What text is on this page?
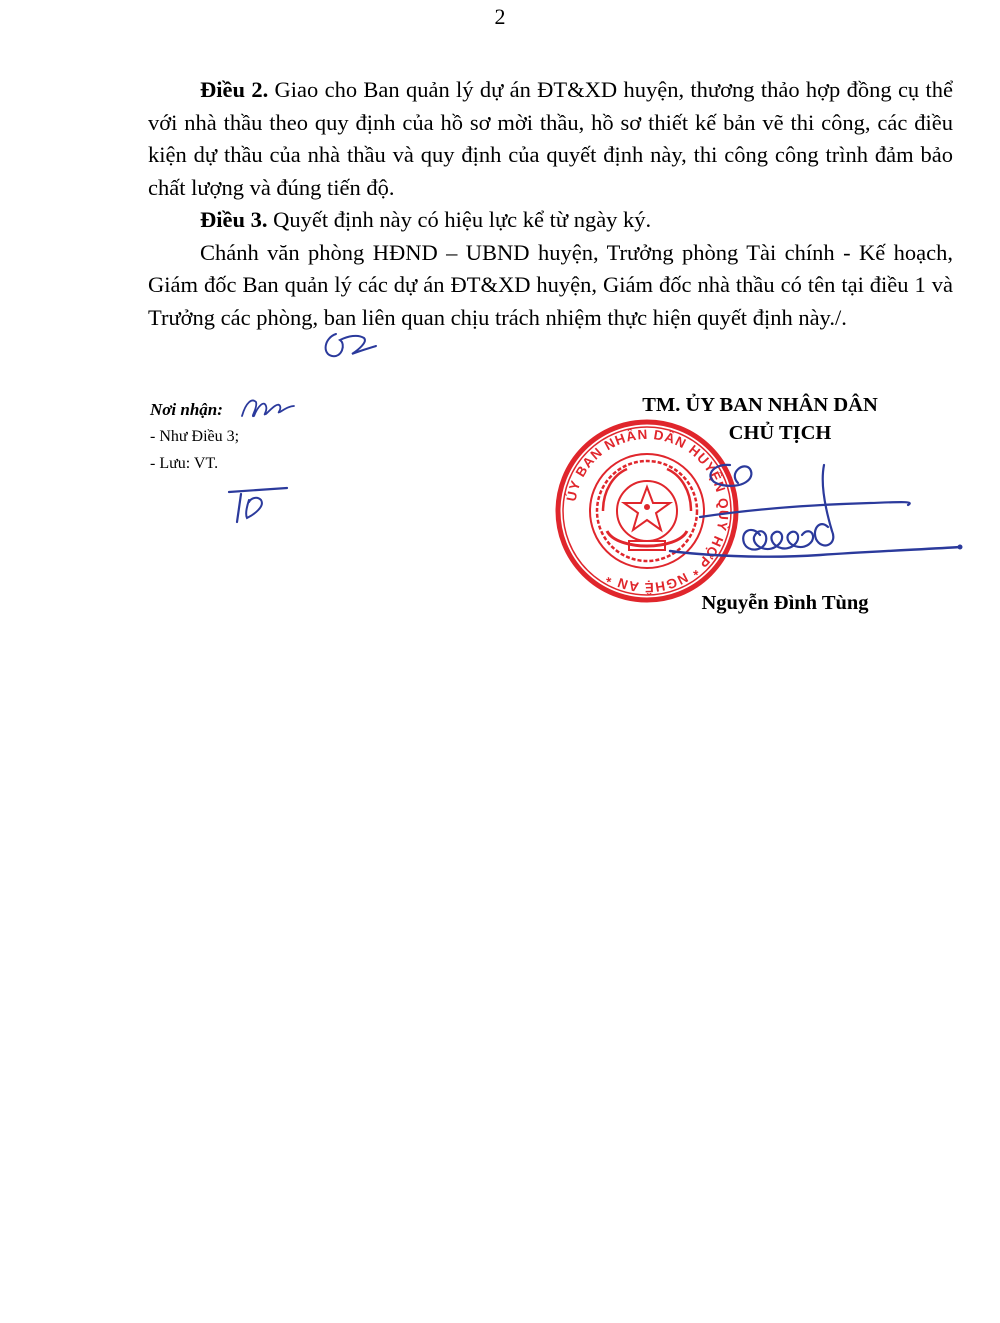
2

Điều 2. Giao cho Ban quản lý dự án ĐT&XD huyện, thương thảo hợp đồng cụ thể với nhà thầu theo quy định của hồ sơ mời thầu, hồ sơ thiết kế bản vẽ thi công, các điều kiện dự thầu của nhà thầu và quy định của quyết định này, thi công công trình đảm bảo chất lượng và đúng tiến độ.

Điều 3. Quyết định này có hiệu lực kể từ ngày ký.

Chánh văn phòng HĐND – UBND huyện, Trưởng phòng Tài chính - Kế hoạch, Giám đốc Ban quản lý các dự án ĐT&XD huyện, Giám đốc nhà thầu có tên tại điều 1 và Trưởng các phòng, ban liên quan chịu trách nhiệm thực hiện quyết định này./.

Nơi nhận:
- Như Điều 3;
- Lưu: VT.
ỦY BAN NHÂN DÂN HUYỆN QUỲ HỢP * NGHỆ AN *
TM. ỦY BAN NHÂN DÂN
CHỦ TỊCH
Nguyễn Đình Tùng
